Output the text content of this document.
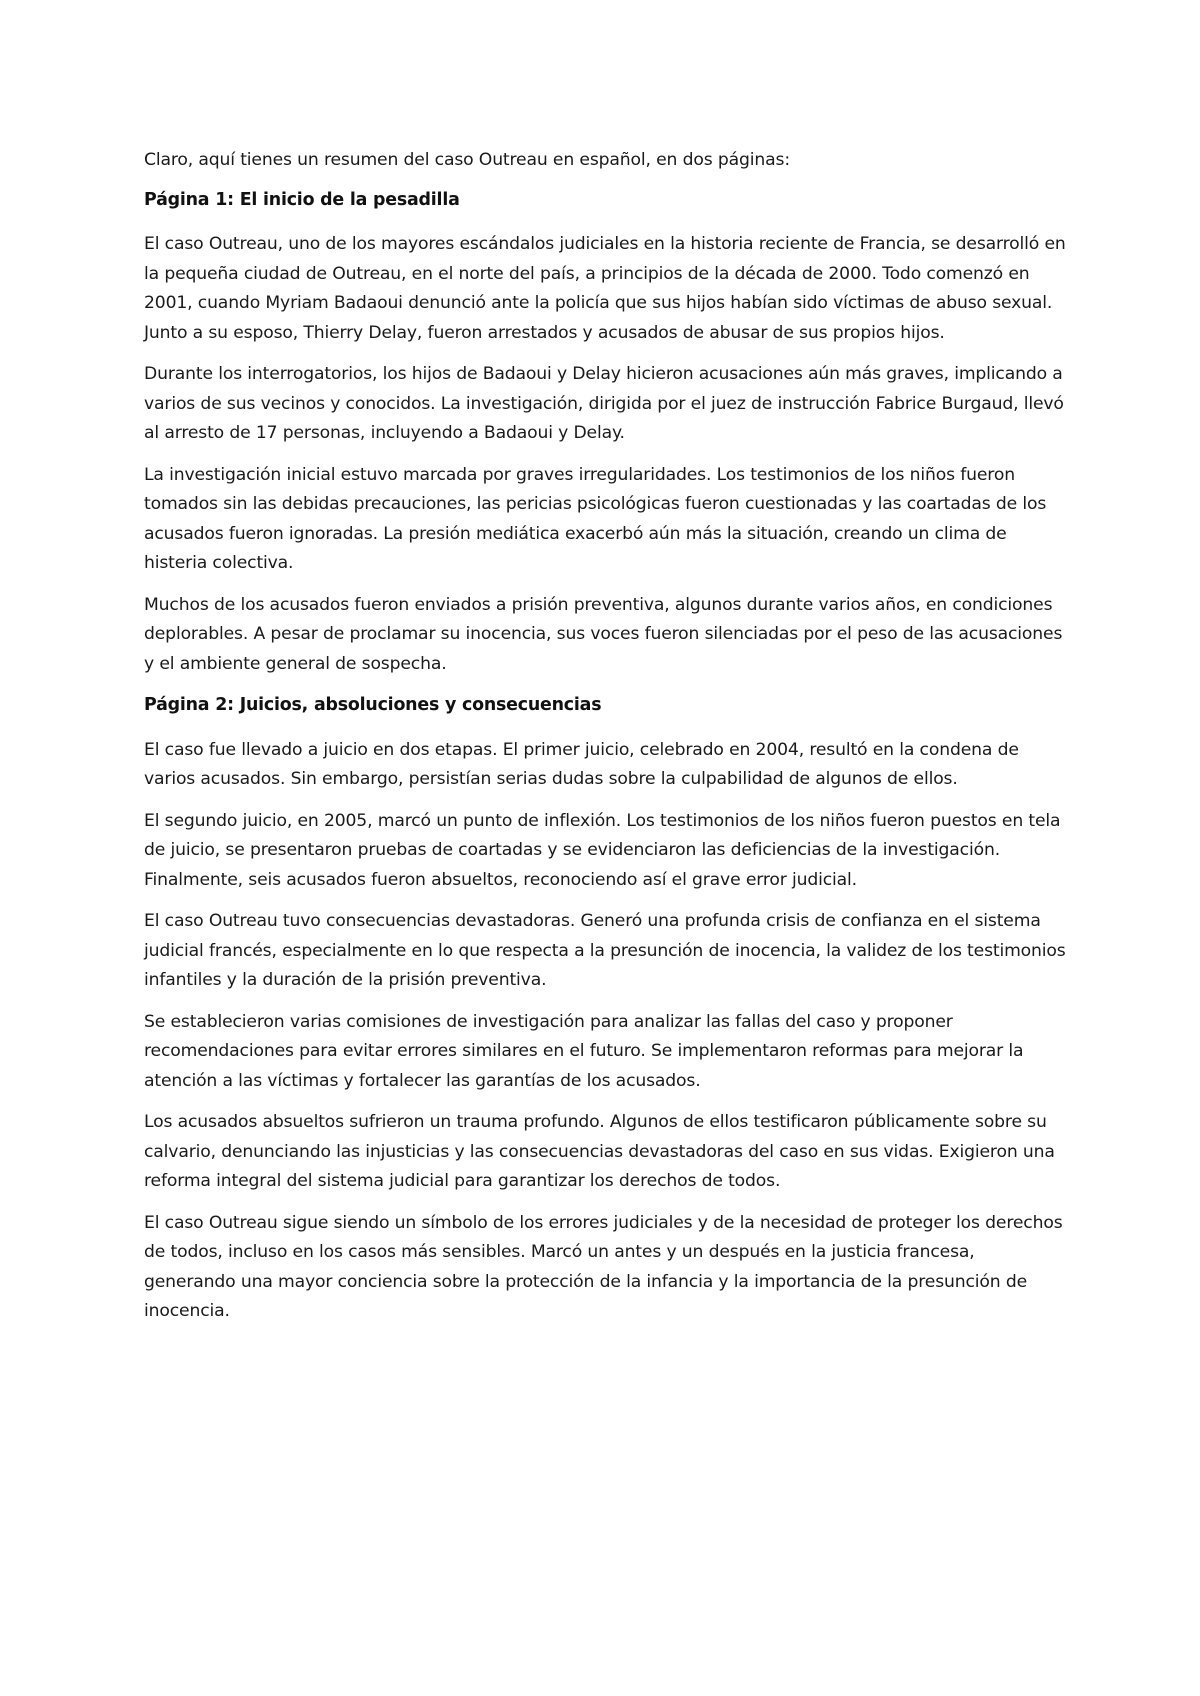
Claro, aquí tienes un resumen del caso Outreau en español, en dos páginas:

Página 1: El inicio de la pesadilla

El caso Outreau, uno de los mayores escándalos judiciales en la historia reciente de Francia, se desarrolló en la pequeña ciudad de Outreau, en el norte del país, a principios de la década de 2000. Todo comenzó en 2001, cuando Myriam Badaoui denunció ante la policía que sus hijos habían sido víctimas de abuso sexual. Junto a su esposo, Thierry Delay, fueron arrestados y acusados de abusar de sus propios hijos.

Durante los interrogatorios, los hijos de Badaoui y Delay hicieron acusaciones aún más graves, implicando a varios de sus vecinos y conocidos. La investigación, dirigida por el juez de instrucción Fabrice Burgaud, llevó al arresto de 17 personas, incluyendo a Badaoui y Delay.

La investigación inicial estuvo marcada por graves irregularidades. Los testimonios de los niños fueron tomados sin las debidas precauciones, las pericias psicológicas fueron cuestionadas y las coartadas de los acusados fueron ignoradas. La presión mediática exacerbó aún más la situación, creando un clima de histeria colectiva.

Muchos de los acusados fueron enviados a prisión preventiva, algunos durante varios años, en condiciones deplorables. A pesar de proclamar su inocencia, sus voces fueron silenciadas por el peso de las acusaciones y el ambiente general de sospecha.

Página 2: Juicios, absoluciones y consecuencias

El caso fue llevado a juicio en dos etapas. El primer juicio, celebrado en 2004, resultó en la condena de varios acusados. Sin embargo, persistían serias dudas sobre la culpabilidad de algunos de ellos.

El segundo juicio, en 2005, marcó un punto de inflexión. Los testimonios de los niños fueron puestos en tela de juicio, se presentaron pruebas de coartadas y se evidenciaron las deficiencias de la investigación. Finalmente, seis acusados fueron absueltos, reconociendo así el grave error judicial.

El caso Outreau tuvo consecuencias devastadoras. Generó una profunda crisis de confianza en el sistema judicial francés, especialmente en lo que respecta a la presunción de inocencia, la validez de los testimonios infantiles y la duración de la prisión preventiva.

Se establecieron varias comisiones de investigación para analizar las fallas del caso y proponer recomendaciones para evitar errores similares en el futuro. Se implementaron reformas para mejorar la atención a las víctimas y fortalecer las garantías de los acusados.

Los acusados absueltos sufrieron un trauma profundo. Algunos de ellos testificaron públicamente sobre su calvario, denunciando las injusticias y las consecuencias devastadoras del caso en sus vidas. Exigieron una reforma integral del sistema judicial para garantizar los derechos de todos.

El caso Outreau sigue siendo un símbolo de los errores judiciales y de la necesidad de proteger los derechos de todos, incluso en los casos más sensibles. Marcó un antes y un después en la justicia francesa, generando una mayor conciencia sobre la protección de la infancia y la importancia de la presunción de inocencia.
